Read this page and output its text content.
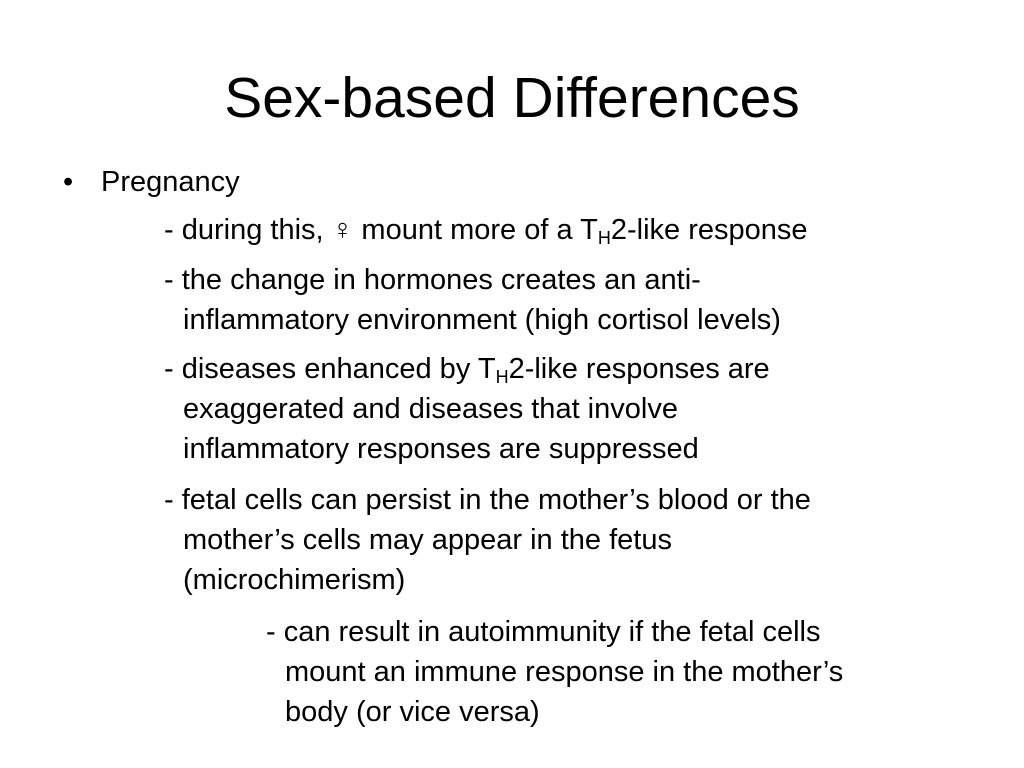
Sex-based Differences
• Pregnancy
- during this, ♀ mount more of a $T_H2$-like response
- the change in hormones creates an anti-
inflammatory environment (high cortisol levels)
- diseases enhanced by $T_H2$-like responses are
exaggerated and diseases that involve
inflammatory responses are suppressed
- fetal cells can persist in the mother’s blood or the
mother’s cells may appear in the fetus
(microchimerism)
- can result in autoimmunity if the fetal cells
mount an immune response in the mother’s
body (or vice versa)
